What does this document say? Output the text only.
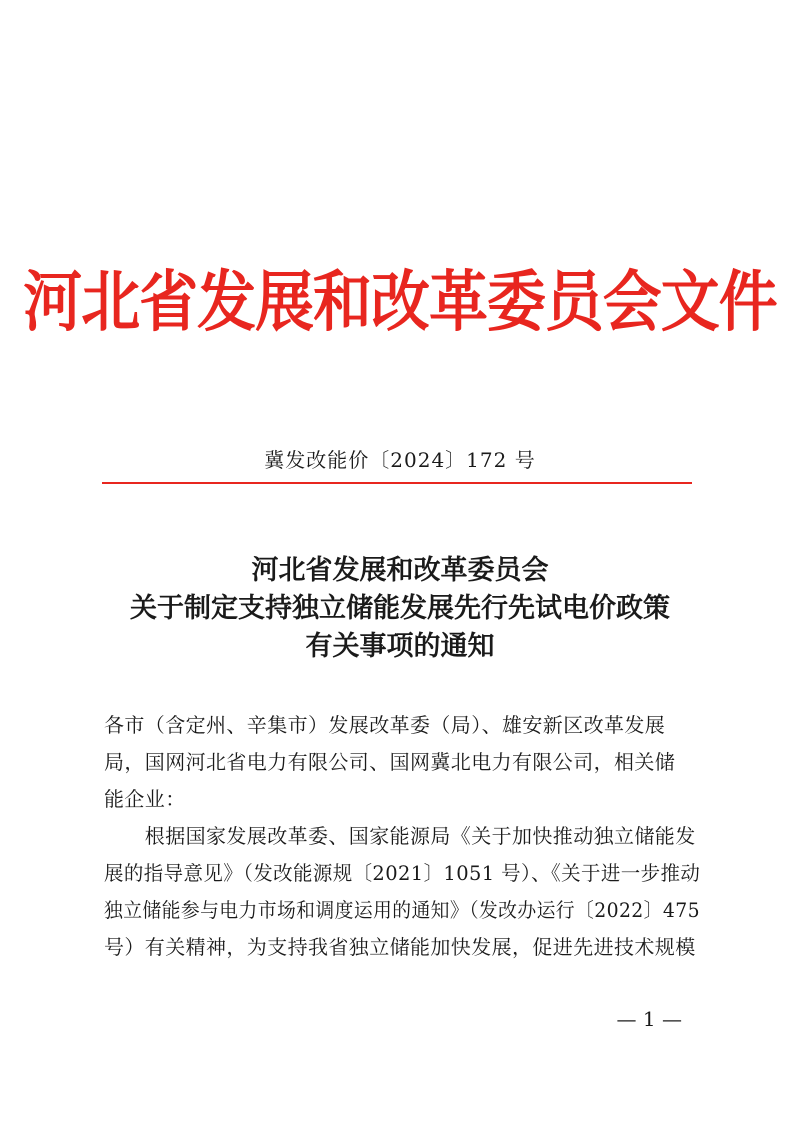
河北省发展和改革委员会文件
冀发改能价〔2024〕172 号
河北省发展和改革委员会
关于制定支持独立储能发展先行先试电价政策
有关事项的通知
各市（含定州、辛集市）发展改革委（局）、雄安新区改革发展
局，国网河北省电力有限公司、国网冀北电力有限公司，相关储
能企业：
　　根据国家发展改革委、国家能源局《关于加快推动独立储能发
展的指导意见》（发改能源规〔2021〕1051 号）、《关于进一步推动
独立储能参与电力市场和调度运用的通知》（发改办运行〔2022〕475
号）有关精神，为支持我省独立储能加快发展，促进先进技术规模
— 1 —
